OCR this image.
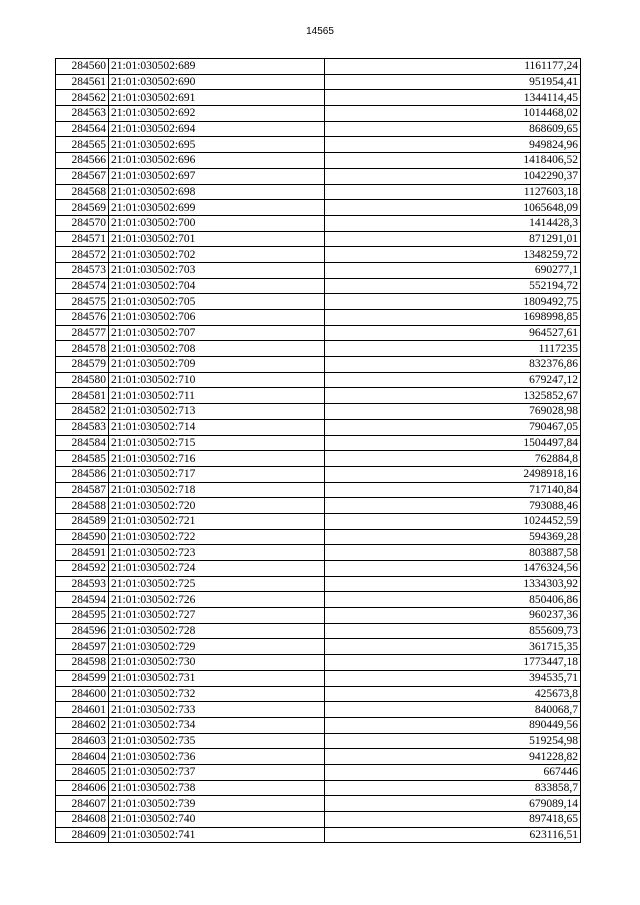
14565
284560	21:01:030502:689	1161177,24
284561	21:01:030502:690	951954,41
284562	21:01:030502:691	1344114,45
284563	21:01:030502:692	1014468,02
284564	21:01:030502:694	868609,65
284565	21:01:030502:695	949824,96
284566	21:01:030502:696	1418406,52
284567	21:01:030502:697	1042290,37
284568	21:01:030502:698	1127603,18
284569	21:01:030502:699	1065648,09
284570	21:01:030502:700	1414428,3
284571	21:01:030502:701	871291,01
284572	21:01:030502:702	1348259,72
284573	21:01:030502:703	690277,1
284574	21:01:030502:704	552194,72
284575	21:01:030502:705	1809492,75
284576	21:01:030502:706	1698998,85
284577	21:01:030502:707	964527,61
284578	21:01:030502:708	1117235
284579	21:01:030502:709	832376,86
284580	21:01:030502:710	679247,12
284581	21:01:030502:711	1325852,67
284582	21:01:030502:713	769028,98
284583	21:01:030502:714	790467,05
284584	21:01:030502:715	1504497,84
284585	21:01:030502:716	762884,8
284586	21:01:030502:717	2498918,16
284587	21:01:030502:718	717140,84
284588	21:01:030502:720	793088,46
284589	21:01:030502:721	1024452,59
284590	21:01:030502:722	594369,28
284591	21:01:030502:723	803887,58
284592	21:01:030502:724	1476324,56
284593	21:01:030502:725	1334303,92
284594	21:01:030502:726	850406,86
284595	21:01:030502:727	960237,36
284596	21:01:030502:728	855609,73
284597	21:01:030502:729	361715,35
284598	21:01:030502:730	1773447,18
284599	21:01:030502:731	394535,71
284600	21:01:030502:732	425673,8
284601	21:01:030502:733	840068,7
284602	21:01:030502:734	890449,56
284603	21:01:030502:735	519254,98
284604	21:01:030502:736	941228,82
284605	21:01:030502:737	667446
284606	21:01:030502:738	833858,7
284607	21:01:030502:739	679089,14
284608	21:01:030502:740	897418,65
284609	21:01:030502:741	623116,51
